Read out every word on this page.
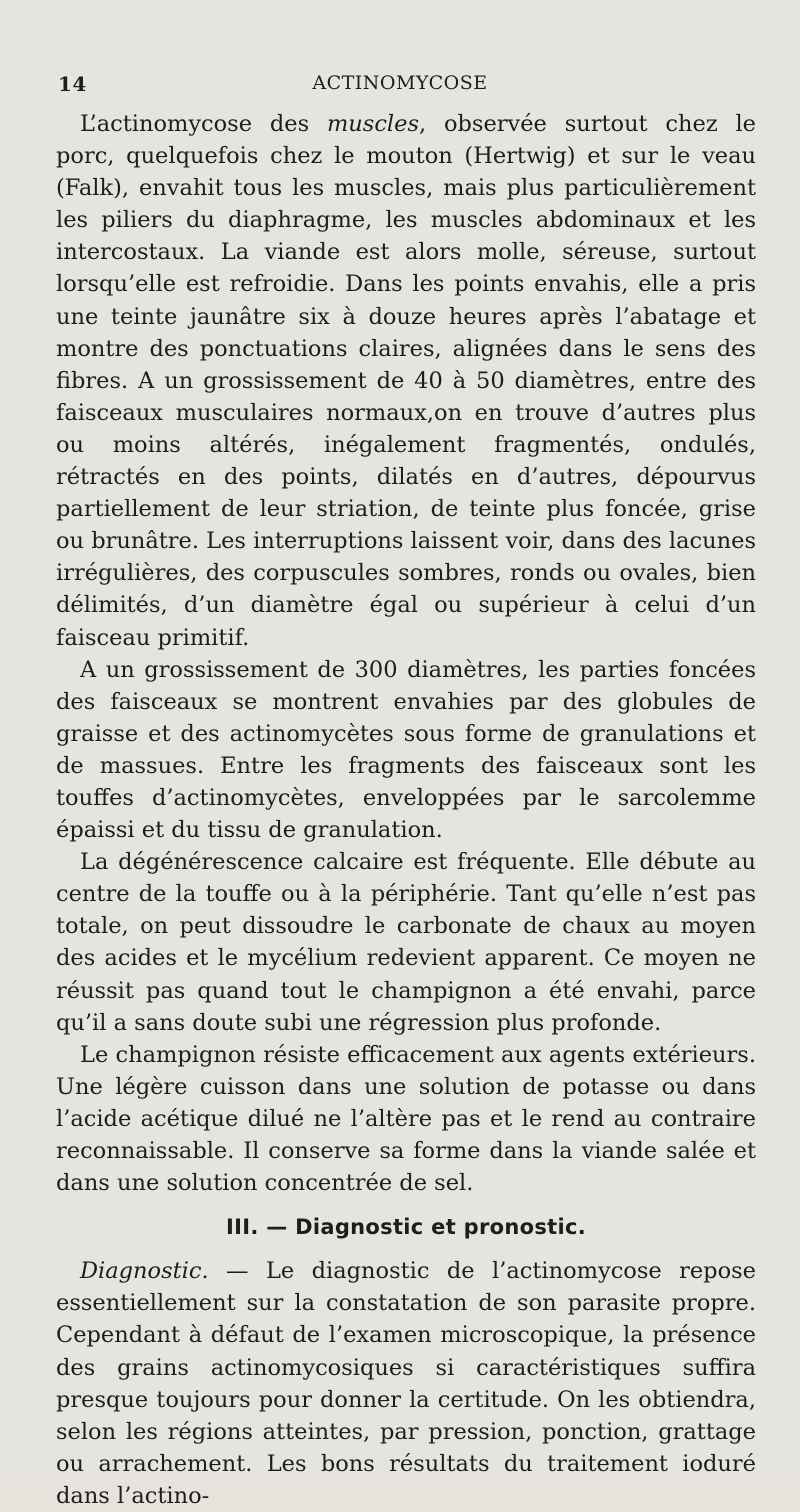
14	ACTINOMYCOSE

L’actinomycose des muscles, observée surtout chez le porc, quelquefois chez le mouton (Hertwig) et sur le veau (Falk), envahit tous les muscles, mais plus particulièrement les piliers du diaphragme, les muscles abdominaux et les intercostaux. La viande est alors molle, séreuse, surtout lorsqu’elle est refroidie. Dans les points envahis, elle a pris une teinte jaunâtre six à douze heures après l’abatage et montre des ponctuations claires, alignées dans le sens des fibres. A un grossissement de 40 à 50 diamètres, entre des faisceaux musculaires normaux,on en trouve d’autres plus ou moins altérés, inégalement fragmentés, ondulés, rétractés en des points, dilatés en d’autres, dépourvus partiellement de leur striation, de teinte plus foncée, grise ou brunâtre. Les interruptions laissent voir, dans des lacunes irrégulières, des corpuscules sombres, ronds ou ovales, bien délimités, d’un diamètre égal ou supérieur à celui d’un faisceau primitif.

A un grossissement de 300 diamètres, les parties foncées des faisceaux se montrent envahies par des globules de graisse et des actinomycètes sous forme de granulations et de massues. Entre les fragments des faisceaux sont les touffes d’actinomycètes, enveloppées par le sarcolemme épaissi et du tissu de granulation.

La dégénérescence calcaire est fréquente. Elle débute au centre de la touffe ou à la périphérie. Tant qu’elle n’est pas totale, on peut dissoudre le carbonate de chaux au moyen des acides et le mycélium redevient apparent. Ce moyen ne réussit pas quand tout le champignon a été envahi, parce qu’il a sans doute subi une régression plus profonde.

Le champignon résiste efficacement aux agents extérieurs. Une légère cuisson dans une solution de potasse ou dans l’acide acétique dilué ne l’altère pas et le rend au contraire reconnaissable. Il conserve sa forme dans la viande salée et dans une solution concentrée de sel.

III. — Diagnostic et pronostic.

Diagnostic. — Le diagnostic de l’actinomycose repose essentiellement sur la constatation de son parasite propre. Cependant à défaut de l’examen microscopique, la présence des grains actinomycosiques si caractéristiques suffira presque toujours pour donner la certitude. On les obtiendra, selon les régions atteintes, par pression, ponction, grattage ou arrachement. Les bons résultats du traitement ioduré dans l’actino-
